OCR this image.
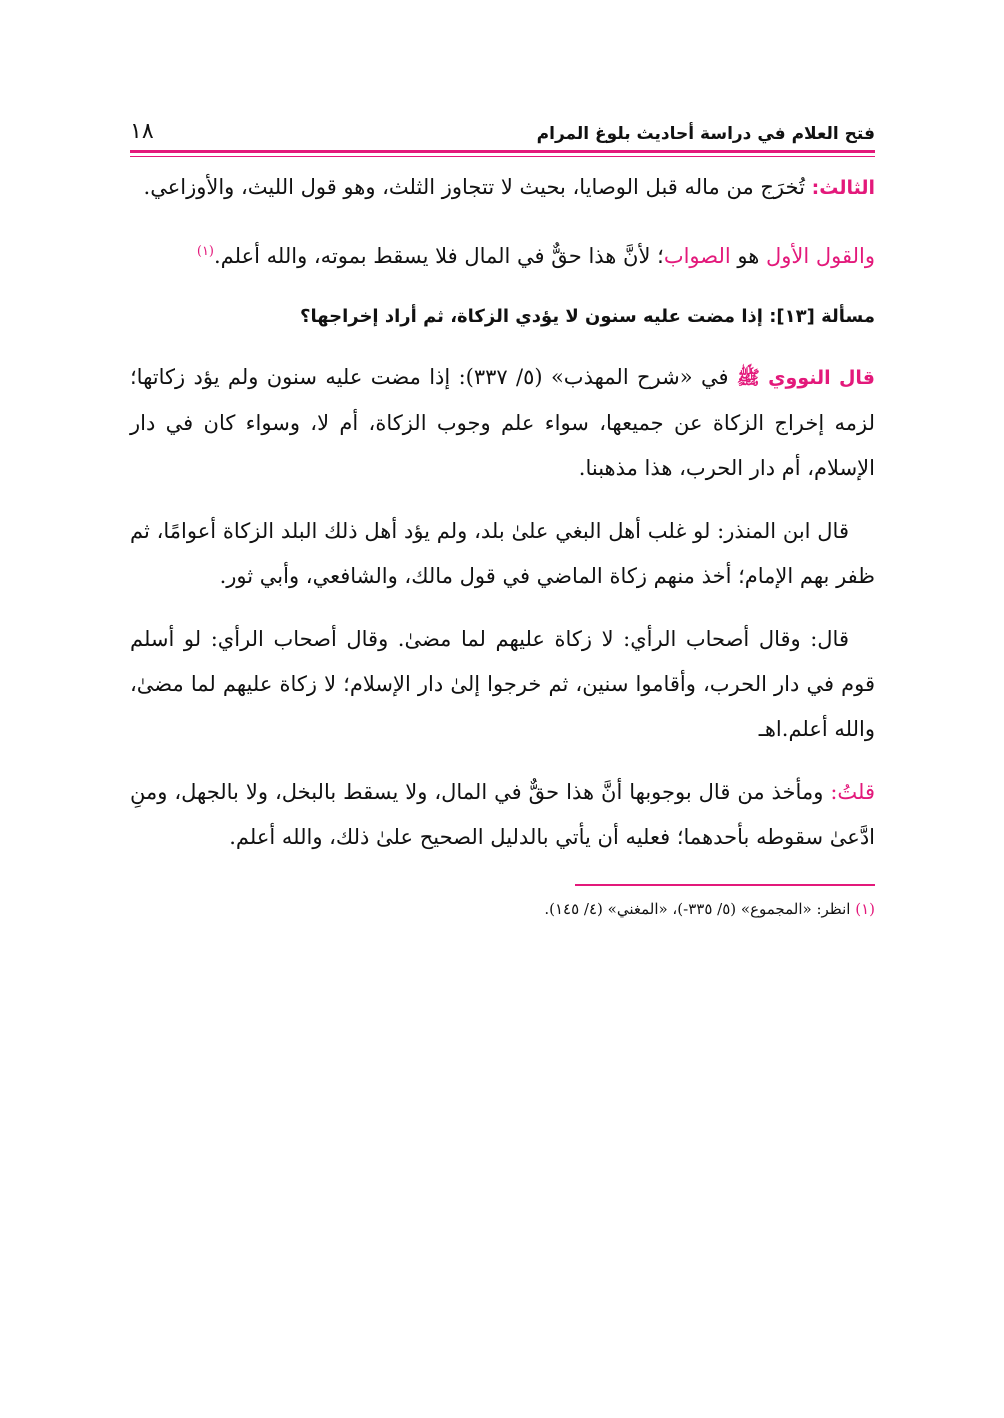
فتح العلام في دراسة أحاديث بلوغ المرام
١٨

الثالث: تُخرَج من ماله قبل الوصايا، بحيث لا تتجاوز الثلث، وهو قول الليث، والأوزاعي.

والقول الأول هو الصواب؛ لأنَّ هذا حقٌّ في المال فلا يسقط بموته، والله أعلم.$^{(١)}$

مسألة [١٣]: إذا مضت عليه سنون لا يؤدي الزكاة، ثم أراد إخراجها؟

قال النووي ﷺ في «شرح المهذب» (٥/ ٣٣٧): إذا مضت عليه سنون ولم يؤد زكاتها؛ لزمه إخراج الزكاة عن جميعها، سواء علم وجوب الزكاة، أم لا، وسواء كان في دار الإسلام، أم دار الحرب، هذا مذهبنا.

قال ابن المنذر: لو غلب أهل البغي علىٰ بلد، ولم يؤد أهل ذلك البلد الزكاة أعوامًا، ثم ظفر بهم الإمام؛ أخذ منهم زكاة الماضي في قول مالك، والشافعي، وأبي ثور.

قال: وقال أصحاب الرأي: لا زكاة عليهم لما مضىٰ. وقال أصحاب الرأي: لو أسلم قوم في دار الحرب، وأقاموا سنين، ثم خرجوا إلىٰ دار الإسلام؛ لا زكاة عليهم لما مضىٰ، والله أعلم.اهـ

قلتُ: ومأخذ من قال بوجوبها أنَّ هذا حقٌّ في المال، ولا يسقط بالبخل، ولا بالجهل، ومنِ ادَّعىٰ سقوطه بأحدهما؛ فعليه أن يأتي بالدليل الصحيح علىٰ ذلك، والله أعلم.

(١) انظر: «المجموع» (٥/ ٣٣٥-)، «المغني» (٤/ ١٤٥).
